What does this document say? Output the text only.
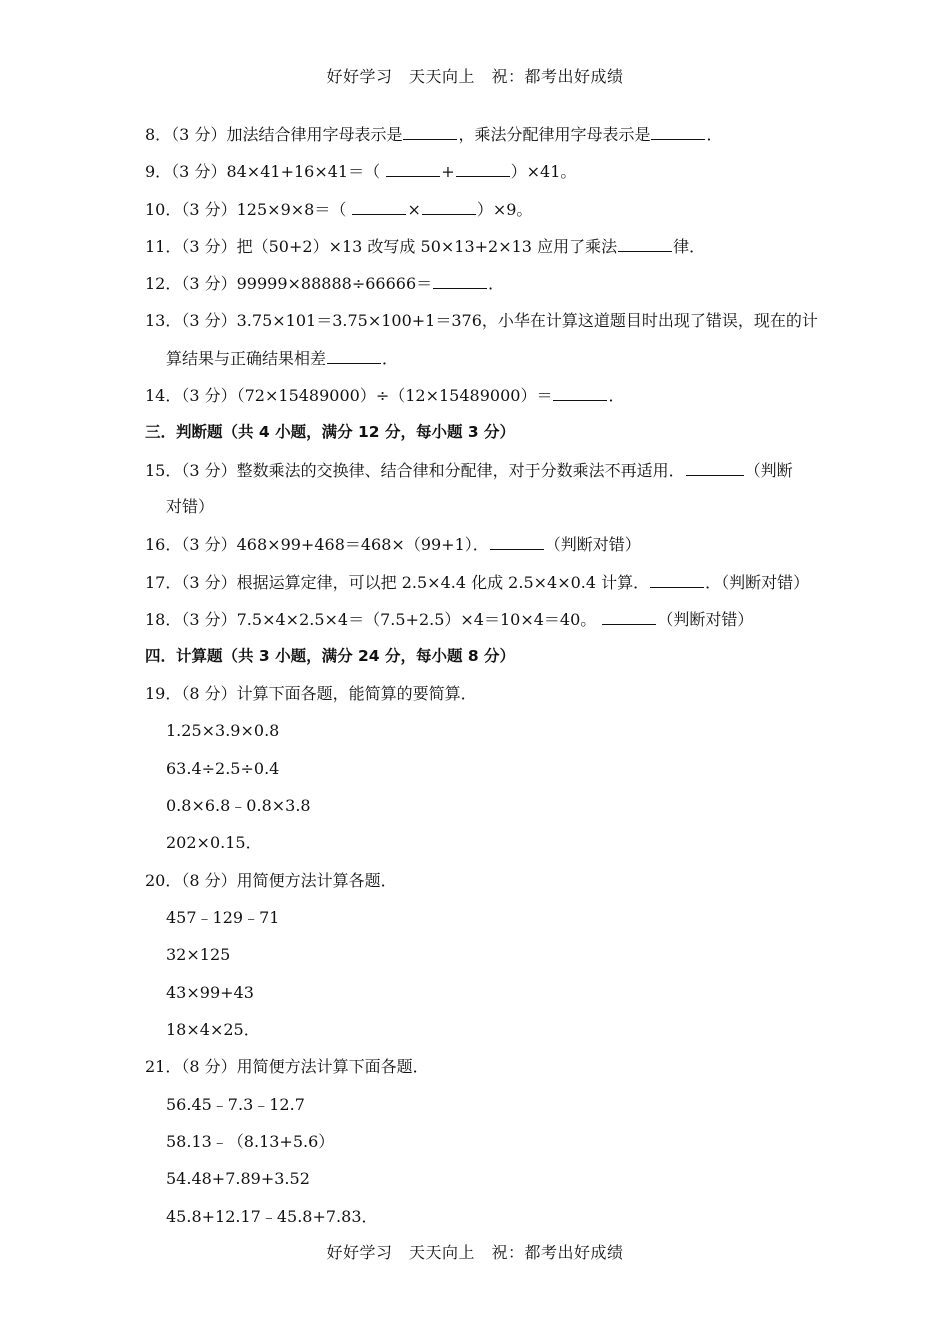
好好学习　天天向上　祝：都考出好成绩
8．（3 分）加法结合律用字母表示是	，乘法分配律用字母表示是	．
9．（3 分）84×41+16×41＝（	+	）×41。
10．（3 分）125×9×8＝（	×	）×9。
11．（3 分）把（50+2）×13 改写成 50×13+2×13 应用了乘法	律．
12．（3 分）99999×88888÷66666＝	．
13．（3 分）3.75×101＝3.75×100+1＝376，小华在计算这道题目时出现了错误，现在的计
算结果与正确结果相差	．
14．（3 分）（72×15489000）÷（12×15489000）＝	．
三．判断题（共 4 小题，满分 12 分，每小题 3 分）
15．（3 分）整数乘法的交换律、结合律和分配律，对于分数乘法不再适用．	（判断
对错）
16．（3 分）468×99+468＝468×（99+1）．	（判断对错）
17．（3 分）根据运算定律，可以把 2.5×4.4 化成 2.5×4×0.4 计算．	．（判断对错）
18．（3 分）7.5×4×2.5×4＝（7.5+2.5）×4＝10×4＝40。	（判断对错）
四．计算题（共 3 小题，满分 24 分，每小题 8 分）
19．（8 分）计算下面各题，能简算的要简算．
1.25×3.9×0.8
63.4÷2.5÷0.4
0.8×6.8﹣0.8×3.8
202×0.15．
20．（8 分）用简便方法计算各题．
457﹣129﹣71
32×125
43×99+43
18×4×25．
21．（8 分）用简便方法计算下面各题．
56.45﹣7.3﹣12.7
58.13﹣（8.13+5.6）
54.48+7.89+3.52
45.8+12.17﹣45.8+7.83．
好好学习　天天向上　祝：都考出好成绩
